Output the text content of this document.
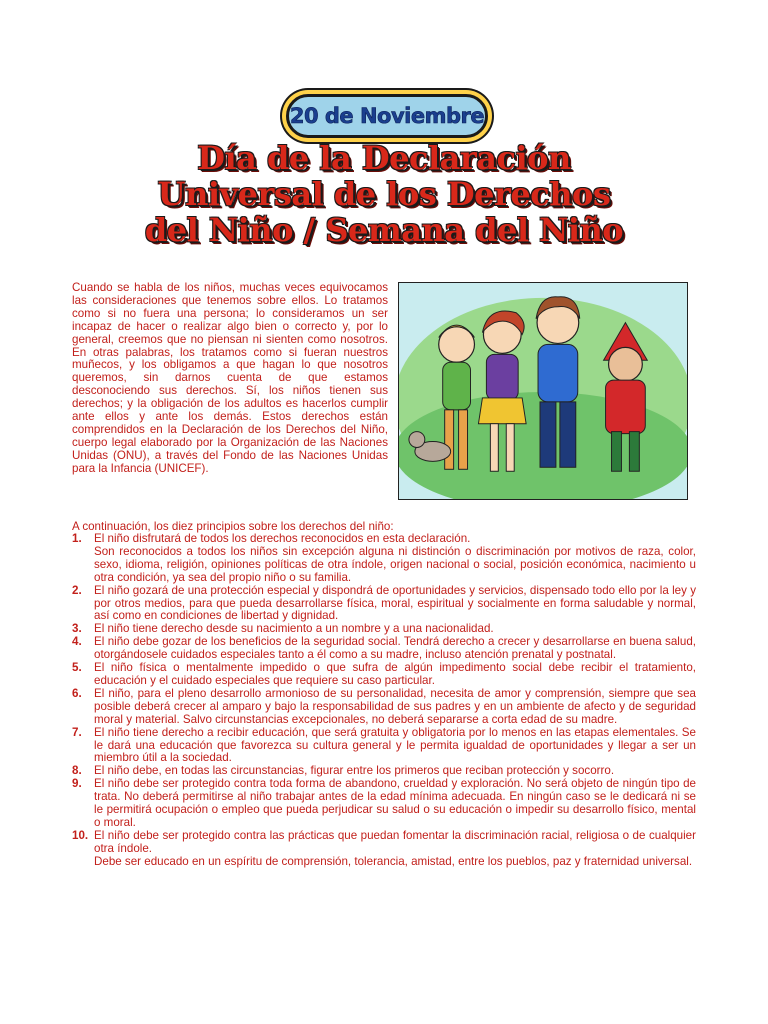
20 de Noviembre
Día de la Declaración
Universal de los Derechos
del Niño / Semana del Niño

Cuando se habla de los niños, muchas veces equivocamos las consideraciones que tenemos sobre ellos. Lo tratamos como si no fuera una persona; lo consideramos un ser incapaz de hacer o realizar algo bien o correcto y, por lo general, creemos que no piensan ni sienten como nosotros. En otras palabras, los tratamos como si fueran nuestros muñecos, y los obligamos a que hagan lo que nosotros queremos, sin darnos cuenta de que estamos desconociendo sus derechos. Sí, los niños tienen sus derechos; y la obligación de los adultos es hacerlos cumplir ante ellos y ante los demás. Estos derechos están comprendidos en la Declaración de los Derechos del Niño, cuerpo legal elaborado por la Organización de las Naciones Unidas (ONU), a través del Fondo de las Naciones Unidas para la Infancia (UNICEF).

A continuación, los diez principios sobre los derechos del niño:

1.	El niño disfrutará de todos los derechos reconocidos en esta declaración.
Son reconocidos a todos los niños sin excepción alguna ni distinción o discriminación por motivos de raza, color, sexo, idioma, religión, opiniones políticas de otra índole, origen nacional o social, posición económica, nacimiento u otra condición, ya sea del propio niño o su familia.
2.	El niño gozará de una protección especial y dispondrá de oportunidades y servicios, dispensado todo ello por la ley y por otros medios, para que pueda desarrollarse física, moral, espiritual y socialmente en forma saludable y normal, así como en condiciones de libertad y dignidad.
3.	El niño tiene derecho desde su nacimiento a un nombre y a una nacionalidad.
4.	El niño debe gozar de los beneficios de la seguridad social. Tendrá derecho a crecer y desarrollarse en buena salud, otorgándosele cuidados especiales tanto a él como a su madre, incluso atención prenatal y postnatal.
5.	El niño física o mentalmente impedido o que sufra de algún impedimento social debe recibir el tratamiento, educación y el cuidado especiales que requiere su caso particular.
6.	El niño, para el pleno desarrollo armonioso de su personalidad, necesita de amor y comprensión, siempre que sea posible deberá crecer al amparo y bajo la responsabilidad de sus padres y en un ambiente de afecto y de seguridad moral y material. Salvo circunstancias excepcionales, no deberá separarse a corta edad de su madre.
7.	El niño tiene derecho a recibir educación, que será gratuita y obligatoria por lo menos en las etapas elementales. Se le dará una educación que favorezca su cultura general y le permita igualdad de oportunidades y llegar a ser un miembro útil a la sociedad.
8.	El niño debe, en todas las circunstancias, figurar entre los primeros que reciban protección y socorro.
9.	El niño debe ser protegido contra toda forma de abandono, crueldad y exploración. No será objeto de ningún tipo de trata. No deberá permitirse al niño trabajar antes de la edad mínima adecuada. En ningún caso se le dedicará ni se le permitirá ocupación o empleo que pueda perjudicar su salud o su educación o impedir su desarrollo físico, mental o moral.
10. El niño debe ser protegido contra las prácticas que puedan fomentar la discriminación racial, religiosa o de cualquier otra índole.
Debe ser educado en un espíritu de comprensión, tolerancia, amistad, entre los pueblos, paz y fraternidad universal.
